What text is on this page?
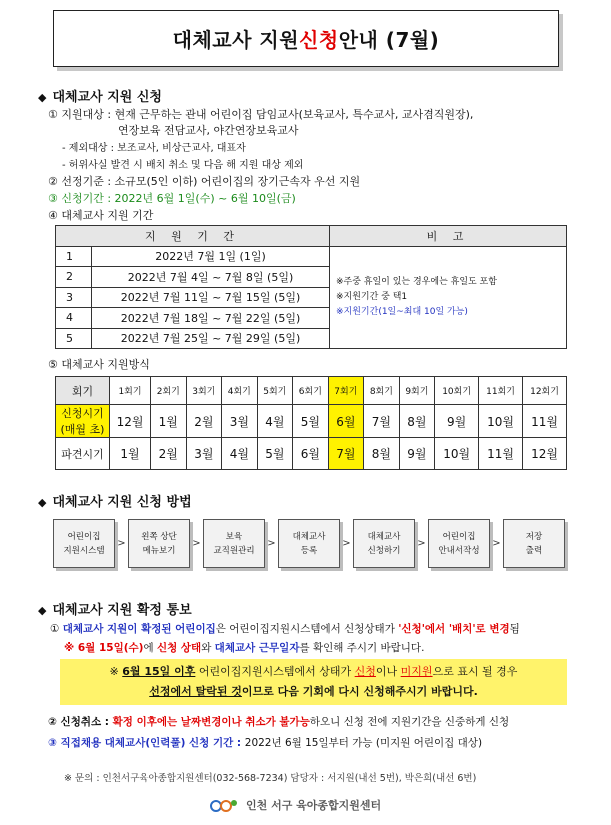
대체교사 지원 신청 안내 (7월)
◆ 대체교사 지원 신청
① 지원대상 : 현재 근무하는 관내 어린이집 담임교사(보육교사, 특수교사, 교사겸직원장),
연장보육 전담교사, 야간연장보육교사
- 제외대상 : 보조교사, 비상근교사, 대표자
- 허위사실 발견 시 배치 취소 및 다음 해 지원 대상 제외
② 선정기준 : 소규모(5인 이하) 어린이집의 장기근속자 우선 지원
③ 신청기간 : 2022년 6월 1일(수) ~ 6월 10일(금)
④ 대체교사 지원 기간
지 원 기 간		비 고
1	2022년 7월 1일 (1일)	※주중 휴일이 있는 경우에는 휴일도 포함
※지원기간 중 택1
※지원기간(1일~최대 10일 가능)

2	2022년 7월 4일 ~ 7월 8일 (5일)	
3	2022년 7월 11일 ~ 7월 15일 (5일)	
4	2022년 7월 18일 ~ 7월 22일 (5일)	
5	2022년 7월 25일 ~ 7월 29일 (5일)	
⑤ 대체교사 지원방식
회기	1회기	2회기	3회기	4회기	5회기	6회기	7회기	8회기	9회기	10회기	11회기	12회기
신청시기 (매월 초)	12월	1월	2월	3월	4월	5월	6월	7월	8월	9월	10월	11월
파견시기	1월	2월	3월	4월	5월	6월	7월	8월	9월	10월	11월	12월
◆ 대체교사 지원 신청 방법
어린이집
지원시스템
>
왼쪽 상단
메뉴보기
>
보육
교직원관리
>
대체교사
등록
>
대체교사
신청하기
>
어린이집
안내서작성
>
저장
출력
◆ 대체교사 지원 확정 통보
① 대체교사 지원이 확정된 어린이집은 어린이집지원시스템에서 신청상태가 '신청'에서 '배치'로 변경됨
※ 6월 15일(수)에 신청 상태와 대체교사 근무일자를 확인해 주시기 바랍니다.
※ 6월 15일 이후 어린이집지원시스템에서 상태가 신청이나 미지원으로 표시 될 경우
선정에서 탈락된 것이므로 다음 기회에 다시 신청해주시기 바랍니다.
② 신청취소 : 확정 이후에는 날짜변경이나 취소가 불가능하오니 신청 전에 지원기간을 신중하게 신청
③ 직접채용 대체교사(인력풀) 신청 기간 : 2022년 6월 15일부터 가능 (미지원 어린이집 대상)
※ 문의 : 인천서구육아종합지원센터(032-568-7234) 담당자 : 서지원(내선 5번), 박은희(내선 6번)
인천 서구 육아종합지원센터
